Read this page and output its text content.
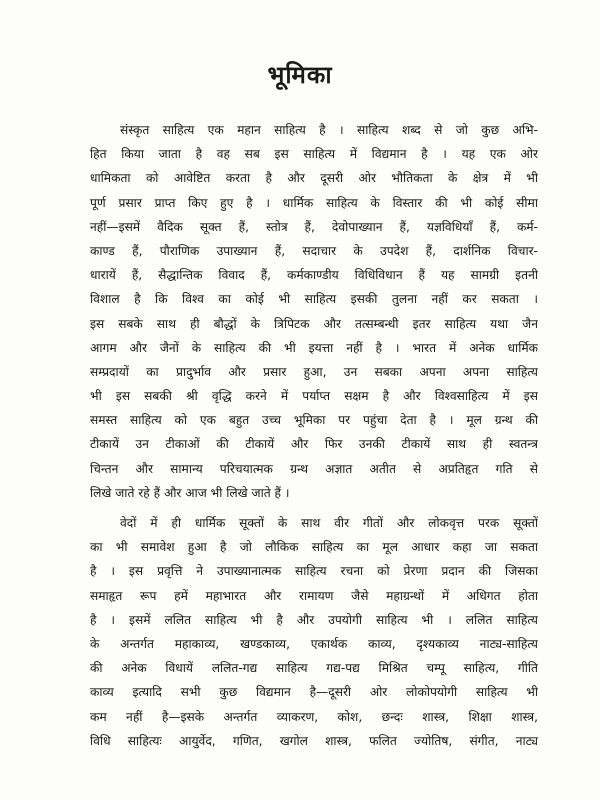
भूमिका
संस्कृत साहित्य एक महान साहित्य है । साहित्य शब्द से जो कुछ अभि-
हित किया जाता है वह सब इस साहित्य में विद्यमान है । यह एक ओर
धामिकता को आवेष्टित करता है और दूसरी ओर भौतिकता के क्षेत्र में भी
पूर्ण प्रसार प्राप्त किए हुए है । धार्मिक साहित्य के विस्तार की भी कोई सीमा
नहीं—इसमें वैदिक सूक्त हैं, स्तोत्र हैं, देवोपाख्यान हैं, यज्ञविधियाँ हैं, कर्म-
काण्ड हैं, पौराणिक उपाख्यान हैं, सदाचार के उपदेश हैं, दार्शनिक विचार-
धारायें हैं, सैद्धान्तिक विवाद हैं, कर्मकाण्डीय विधिविधान हैं यह सामग्री इतनी
विशाल है कि विश्व का कोई भी साहित्य इसकी तुलना नहीं कर सकता ।
इस सबके साथ ही बौद्धों के त्रिपिटक और तत्सम्बन्धी इतर साहित्य यथा जैन
आगम और जैनों के साहित्य की भी इयत्ता नहीं है । भारत में अनेक धार्मिक
सम्प्रदायों का प्रादुर्भाव और प्रसार हुआ, उन सबका अपना अपना साहित्य
भी इस सबकी श्री वृद्धि करने में पर्याप्त सक्षम है और विश्वसाहित्य में इस
समस्त साहित्य को एक बहुत उच्च भूमिका पर पहुंचा देता है । मूल ग्रन्थ की
टीकायें उन टीकाओं की टीकायें और फिर उनकी टीकायें साथ ही स्वतन्त्र
चिन्तन और सामान्य परिचयात्मक ग्रन्थ अज्ञात अतीत से अप्रतिहृत गति से
लिखे जाते रहे हैं और आज भी लिखे जाते हैं ।
वेदों में ही धार्मिक सूक्तों के साथ वीर गीतों और लोकवृत्त परक सूक्तों
का भी समावेश हुआ है जो लौकिक साहित्य का मूल आधार कहा जा सकता
है । इस प्रवृत्ति ने उपाख्यानात्मक साहित्य रचना को प्रेरणा प्रदान की जिसका
समाहृत रूप हमें महाभारत और रामायण जैसे महाग्रन्थों में अधिगत होता
है । इसमें ललित साहित्य भी है और उपयोगी साहित्य भी । ललित साहित्य
के अन्तर्गत महाकाव्य, खण्डकाव्य, एकार्थक काव्य, दृश्यकाव्य नाट्य-साहित्य
की अनेक विधायें ललित-गद्य साहित्य गद्य-पद्य मिश्रित चम्पू साहित्य, गीति
काव्य इत्यादि सभी कुछ विद्यमान है—दूसरी ओर लोकोपयोगी साहित्य भी
कम नहीं है—इसके अन्तर्गत व्याकरण, कोश, छन्दः शास्त्र, शिक्षा शास्त्र,
विधि साहित्यः आयुर्वेद, गणित, खगोल शास्त्र, फलित ज्योतिष, संगीत, नाट्य
